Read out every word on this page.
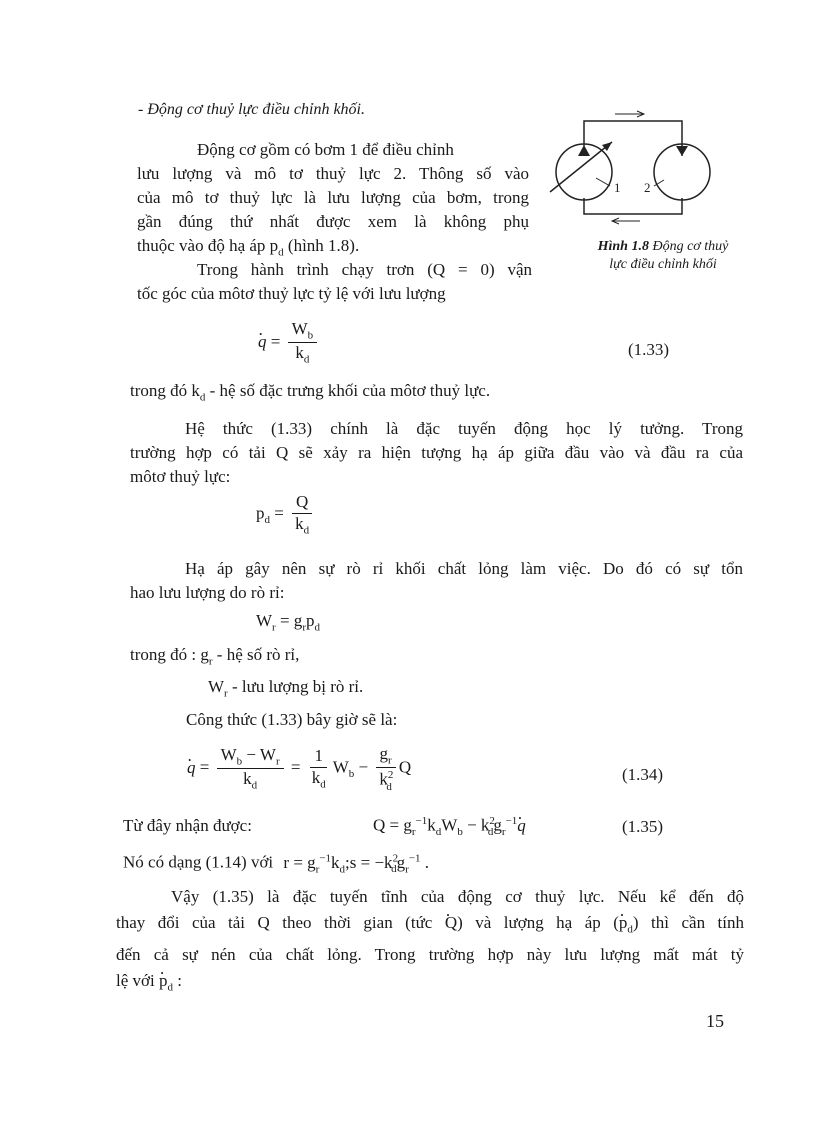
- Động cơ thuỷ lực điều chỉnh khối.
Động cơ gồm có bơm 1 để điều chỉnh
lưu lượng và mô tơ thuỷ lực 2. Thông số vào
của mô tơ thuỷ lực là lưu lượng của bơm, trong
gần đúng thứ nhất được xem là không phụ
thuộc vào độ hạ áp $p_d$ (hình 1.8).
1 2
Hình 1.8 Động cơ thuỷ
lực điều chỉnh khối
Trong hành trình chạy trơn (Q = 0) vận
tốc góc của môtơ thuỷ lực tỷ lệ với lưu lượng
. $q = \frac{W_b}{k_d}$	(1.33)
trong đó $k_d$ - hệ số đặc trưng khối của môtơ thuỷ lực.
Hệ thức (1.33) chính là đặc tuyến động học lý tưởng. Trong
trường hợp có tải Q sẽ xảy ra hiện tượng hạ áp giữa đầu vào và đầu ra của
môtơ thuỷ lực:
$p_d = \frac{Q}{k_d}$
Hạ áp gây nên sự rò rỉ khối chất lỏng làm việc. Do đó có sự tổn
hao lưu lượng do rò rỉ:
$W_r = g_rp_d$
trong đó : $g_r$ - hệ số rò rỉ,
$W_r$ - lưu lượng bị rò rỉ.
Công thức (1.33) bây giờ sẽ là:
. $q = \frac{W_b - W_r}{k_d} = \frac{1}{k_d} W_b - \frac{g_r}{k^2_d}$ Q	(1.34)
Từ đây nhận được:	$Q = g_r^{-1}k_dW_b - k^2_dg_r^{-1}$. q	(1.35)
Nó có dạng (1.14) với $r = g_r^{-1}k_d;s = -k^2_dg_r^{-1}$ .
Vậy (1.35) là đặc tuyến tĩnh của động cơ thuỷ lực. Nếu kể đến độ
thay đổi của tải Q theo thời gian (tức . Q) và lượng hạ áp (. $p_d$) thì cần tính
đến cả sự nén của chất lỏng. Trong trường hợp này lưu lượng mất mát tỷ
lệ với . $p_d$ :
15
